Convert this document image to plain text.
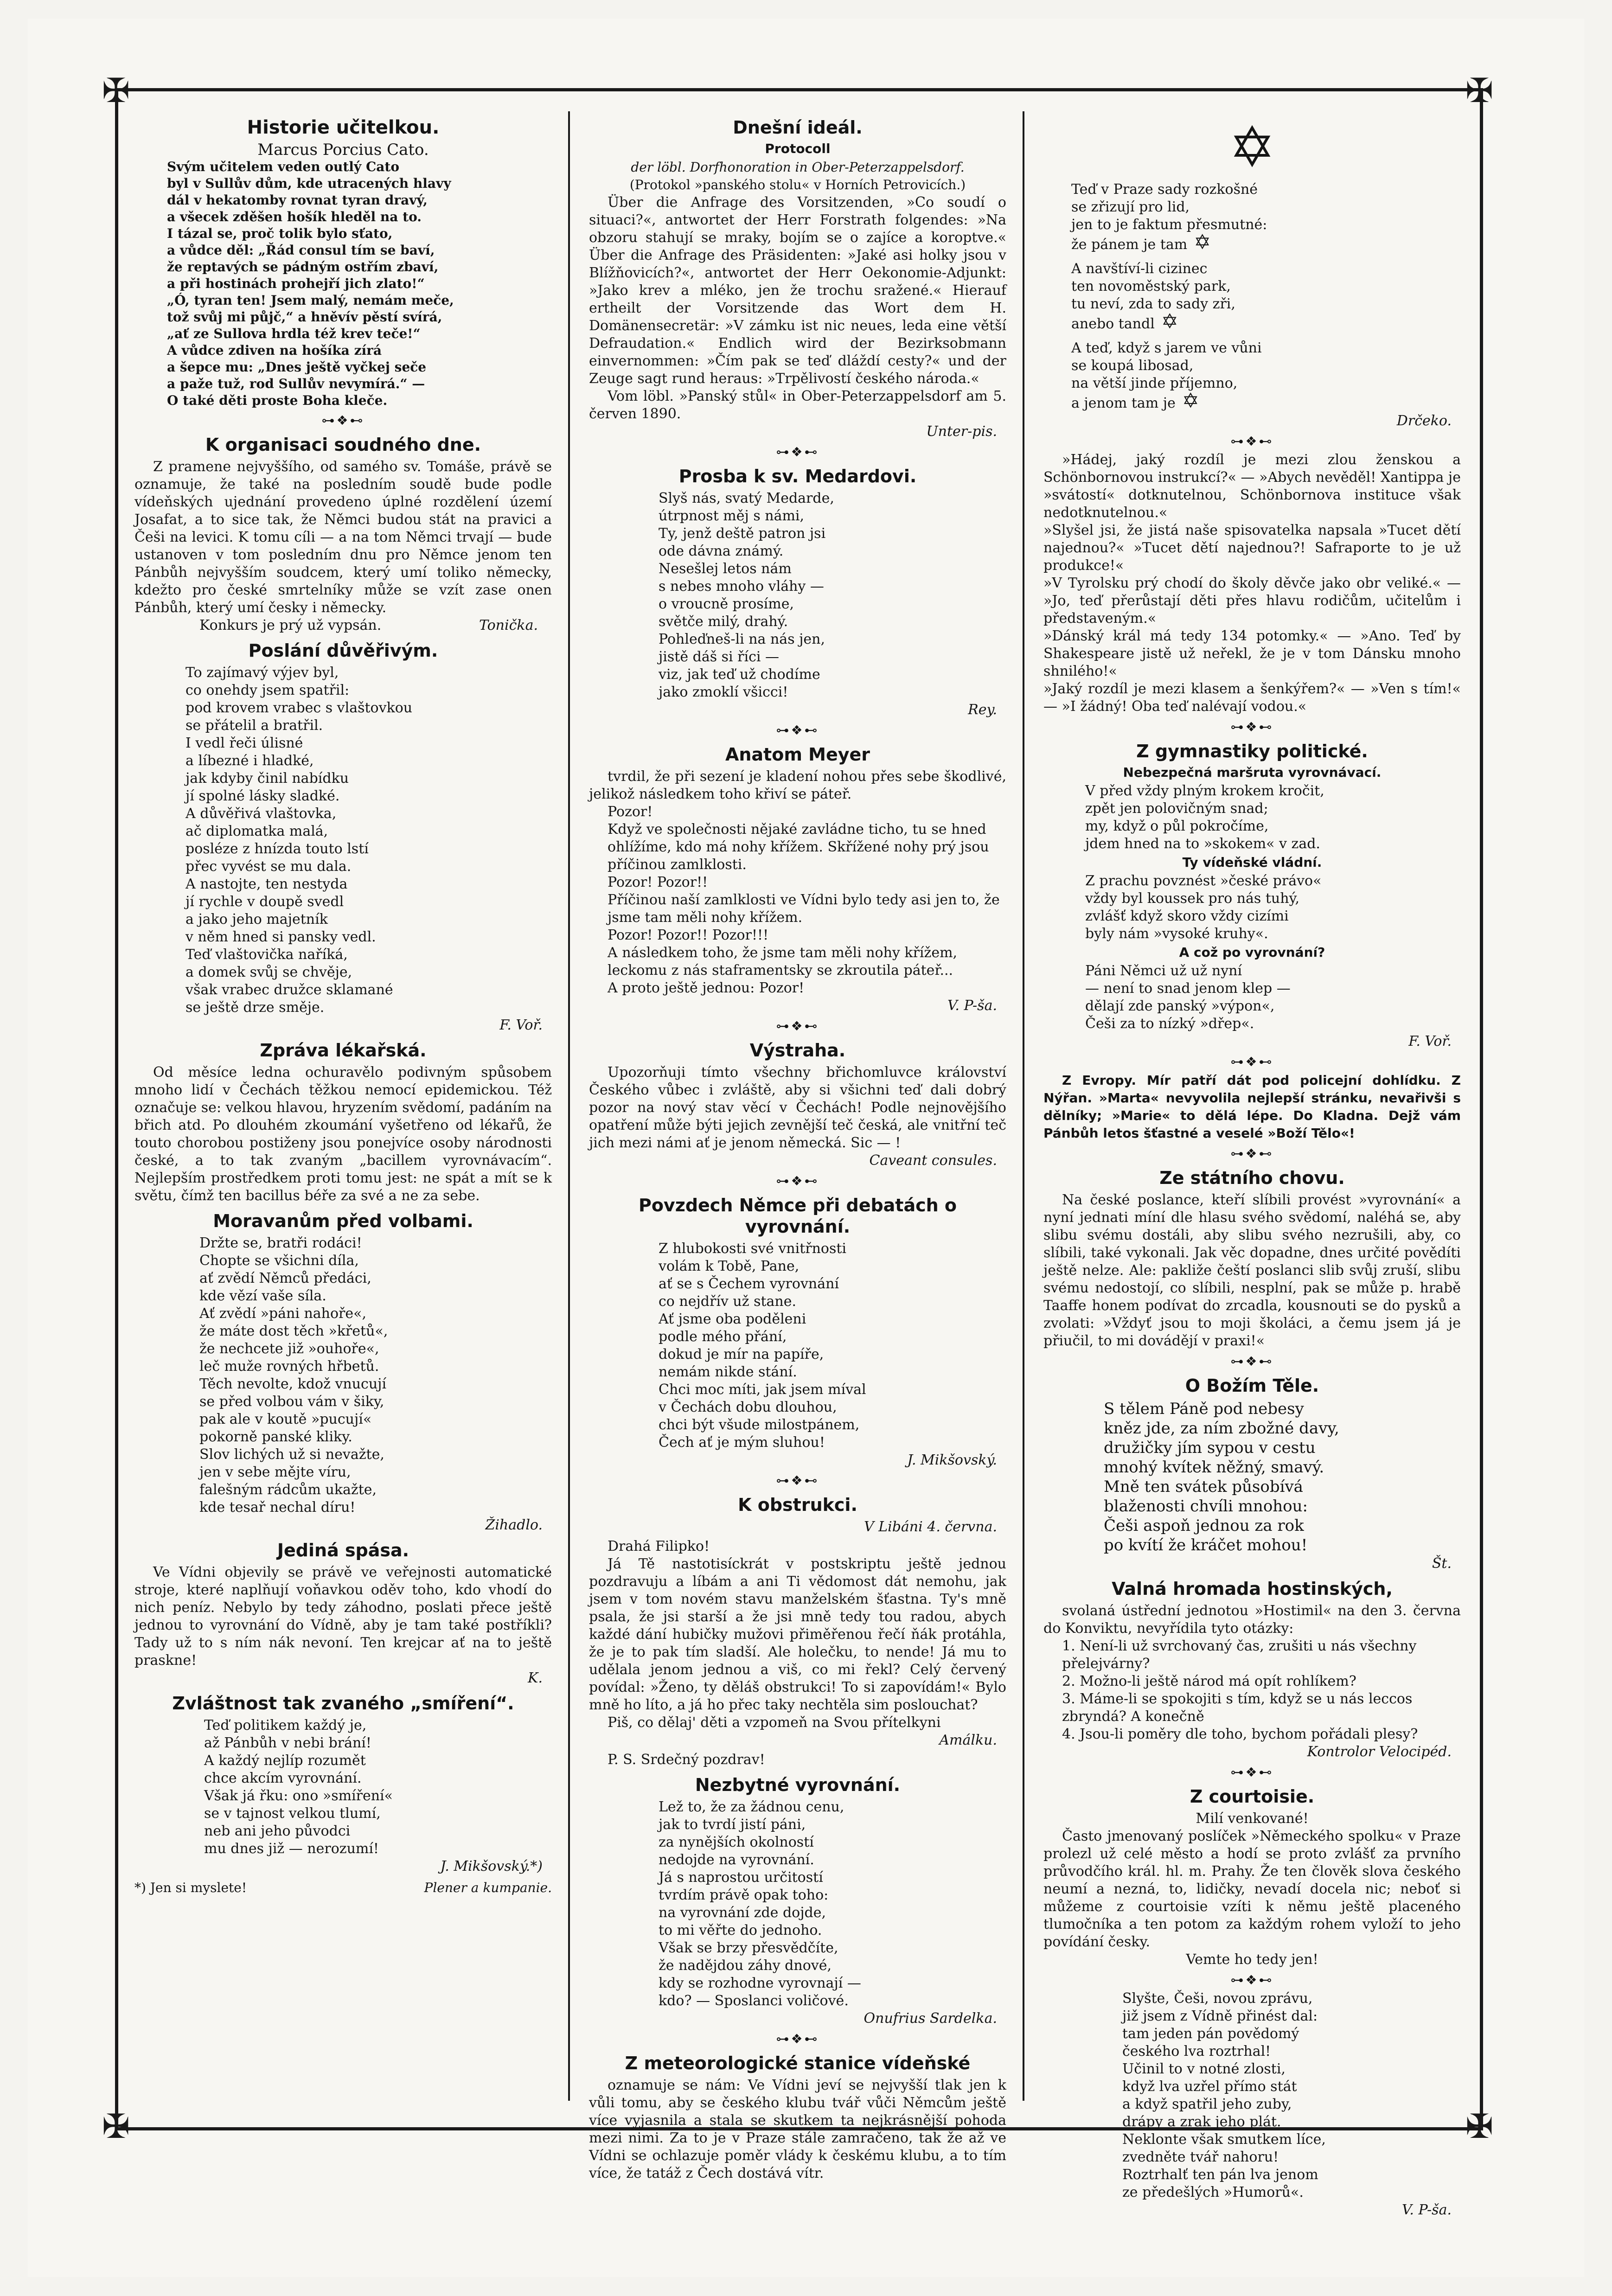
✠	✠
✠	✠
Historie učitelkou.
Marcus Porcius Cato.
Svým učitelem veden outlý Cato
byl v Sullův dům, kde utracených hlavy
dál v hekatomby rovnat tyran dravý,
a všecek zděšen hošík hleděl na to.
I tázal se, proč tolik bylo sťato,
a vůdce děl: „Řád consul tím se baví,
že reptavých se pádným ostřím zbaví,
a při hostinách prohejří jich zlato!“
„Ó, tyran ten! Jsem malý, nemám meče,
tož svůj mi půjč,“ a hněvív pěstí svírá,
„ať ze Sullova hrdla též krev teče!“
A vůdce zdiven na hošíka zírá
a šepce mu: „Dnes ještě vyčkej seče
a paže tuž, rod Sullův nevymírá.“ —
O také děti proste Boha kleče.
⊶❖⊷
K organisaci soudného dne.

Z pramene nejvyššího, od samého sv. Tomáše, právě se oznamuje, že také na posledním soudě bude podle vídeňských ujednání provedeno úplné rozdělení území Josafat, a to sice tak, že Němci budou stát na pravici a Češi na levici. K tomu cíli — a na tom Němci trvají — bude ustanoven v tom posledním dnu pro Němce jenom ten Pánbůh nejvyšším soudcem, který umí toliko německy, kdežto pro české smrtelníky může se vzít zase onen Pánbůh, který umí česky i německy.

Konkurs je prý už vypsán.	Tonička.
Poslání důvěřivým.
To zajímavý výjev byl,
co onehdy jsem spatřil:
pod krovem vrabec s vlaštovkou
se přátelil a bratřil.
I vedl řeči úlisné
a líbezné i hladké,
jak kdyby činil nabídku
jí spolné lásky sladké.
A důvěřivá vlaštovka,
ač diplomatka malá,
posléze z hnízda touto lstí
přec vyvést se mu dala.
A nastojte, ten nestyda
jí rychle v doupě svedl
a jako jeho majetník
v něm hned si pansky vedl.
Teď vlaštovička naříká,
a domek svůj se chvěje,
však vrabec družce sklamané
se ještě drze směje.
F. Voř.
Zpráva lékařská.

Od měsíce ledna ochuravělo podivným spůsobem mnoho lidí v Čechách těžkou nemocí epidemickou. Též označuje se: velkou hlavou, hryzením svědomí, padáním na břich atd. Po dlouhém zkoumání vyšetřeno od lékařů, že touto chorobou postiženy jsou ponejvíce osoby národnosti české, a to tak zvaným „bacillem vyrovnávacím“. Nejlepším prostředkem proti tomu jest: ne spát a mít se k světu, čímž ten bacillus béře za své a ne za sebe.

Moravanům před volbami.
Držte se, bratři rodáci!
Chopte se všichni díla,
ať zvědí Němců předáci,
kde vězí vaše síla.
Ať zvědí »páni nahoře«,
že máte dost těch »křetů«,
že nechcete již »ouhoře«,
leč muže rovných hřbetů.
Těch nevolte, kdož vnucují
se před volbou vám v šiky,
pak ale v koutě »pucují«
pokorně panské kliky.
Slov lichých už si nevažte,
jen v sebe mějte víru,
falešným rádcům ukažte,
kde tesař nechal díru!
Žihadlo.
Jediná spása.

Ve Vídni objevily se právě ve veřejnosti automatické stroje, které naplňují voňavkou oděv toho, kdo vhodí do nich peníz. Nebylo by tedy záhodno, poslati přece ještě jednou to vyrovnání do Vídně, aby je tam také postříkli? Tady už to s ním nák nevoní. Ten krejcar ať na to ještě praskne!

K.
Zvláštnost tak zvaného „smíření“.
Teď politikem každý je,
až Pánbůh v nebi brání!
A každý nejlíp rozumět
chce akcím vyrovnání.
Však já řku: ono »smíření«
se v tajnost velkou tlumí,
neb ani jeho původci
mu dnes již — nerozumí!
J. Mikšovský.*)
*) Jen si myslete!	Plener a kumpanie.
Dnešní ideál.
Protocoll
der löbl. Dorfhonoration in Ober-Peterzappelsdorf.
(Protokol »panského stolu« v Horních Petrovicích.)

Über die Anfrage des Vorsitzenden, »Co soudí o situaci?«, antwortet der Herr Forstrath folgendes: »Na obzoru stahují se mraky, bojím se o zajíce a koroptve.« Über die Anfrage des Präsidenten: »Jaké asi holky jsou v Blížňovicích?«, antwortet der Herr Oekonomie-Adjunkt: »Jako krev a mléko, jen že trochu sražené.« Hierauf ertheilt der Vorsitzende das Wort dem H. Domänensecretär: »V zámku ist nic neues, leda eine větší Defraudation.« Endlich wird der Bezirksobmann einvernommen: »Čím pak se teď dláždí cesty?« und der Zeuge sagt rund heraus: »Trpělivostí českého národa.«

Vom löbl. »Panský stůl« in Ober-Peterzappelsdorf am 5. červen 1890.

Unter-pis.
⊶❖⊷
Prosba k sv. Medardovi.
Slyš nás, svatý Medarde,
útrpnost měj s námi,
Ty, jenž deště patron jsi
ode dávna známý.
Nesešlej letos nám
s nebes mnoho vláhy —
o vroucně prosíme,
světče milý, drahý.
Pohleďneš-li na nás jen,
jistě dáš si říci —
viz, jak teď už chodíme
jako zmoklí všicci!
Rey.
⊶❖⊷
Anatom Meyer

tvrdil, že při sezení je kladení nohou přes sebe škodlivé, jelikož následkem toho křiví se páteř.

Pozor!
Když ve společnosti nějaké zavládne ticho, tu se hned ohlížíme, kdo má nohy křížem. Skřížené nohy prý jsou příčinou zamlklosti.
Pozor! Pozor!!
Příčinou naší zamlklosti ve Vídni bylo tedy asi jen to, že jsme tam měli nohy křížem.
Pozor! Pozor!! Pozor!!!
A následkem toho, že jsme tam měli nohy křížem, leckomu z nás staframentsky se zkroutila páteř...
A proto ještě jednou: Pozor!
V. P-ša.
⊶❖⊷
Výstraha.

Upozorňuji tímto všechny břichomluvce království Českého vůbec i zvláště, aby si všichni teď dali dobrý pozor na nový stav věcí v Čechách! Podle nejnovějšího opatření může býti jejich zevnější teč česká, ale vnitřní teč jich mezi námi ať je jenom německá. Sic — !

Caveant consules.
⊶❖⊷
Povzdech Němce při debatách o vyrovnání.
Z hlubokosti své vnitřnosti
volám k Tobě, Pane,
ať se s Čechem vyrovnání
co nejdřív už stane.
Ať jsme oba poděleni
podle mého přání,
dokud je mír na papíře,
nemám nikde stání.
Chci moc míti, jak jsem míval
v Čechách dobu dlouhou,
chci být všude milostpánem,
Čech ať je mým sluhou!
J. Mikšovský.
⊶❖⊷
K obstrukci.
V Libáni 4. června.

Drahá Filipko!

Já Tě nastotisíckrát v postskriptu ještě jednou pozdravuju a líbám a ani Ti vědomost dát nemohu, jak jsem v tom novém stavu manželském šťastna. Ty's mně psala, že jsi starší a že jsi mně tedy tou radou, abych každé dání hubičky mužovi přiměřenou řečí ňák protáhla, že je to pak tím sladší. Ale holečku, to nende! Já mu to udělala jenom jednou a viš, co mi řekl? Celý červený povídal: »Ženo, ty děláš obstrukci! To si zapovídám!« Bylo mně ho líto, a já ho přec taky nechtěla sim poslouchat?

Piš, co dělaj' děti a vzpomeň na Svou přítelkyni

Amálku.

P. S. Srdečný pozdrav!

Nezbytné vyrovnání.
Lež to, že za žádnou cenu,
jak to tvrdí jistí páni,
za nynějších okolností
nedojde na vyrovnání.
Já s naprostou určitostí
tvrdím právě opak toho:
na vyrovnání zde dojde,
to mi věřte do jednoho.
Však se brzy přesvědčíte,
že nadějdou záhy dnové,
kdy se rozhodne vyrovnají —
kdo? — Sposlanci voličové.
Onufrius Sardelka.
⊶❖⊷
Z meteorologické stanice vídeňské

oznamuje se nám: Ve Vídni jeví se nejvyšší tlak jen k vůli tomu, aby se českého klubu tvář vůči Němcům ještě více vyjasnila a stala se skutkem ta nejkrásnější pohoda mezi nimi. Za to je v Praze stále zamračeno, tak že až ve Vídni se ochlazuje poměr vlády k českému klubu, a to tím více, že tatáž z Čech dostává vítr.

✡
Teď v Praze sady rozkošné
se zřizují pro lid,
jen to je faktum přesmutné:
že pánem je tam ✡
A navštíví-li cizinec
ten novoměstský park,
tu neví, zda to sady zři,
anebo tandl ✡
A teď, když s jarem ve vůni
se koupá libosad,
na větší jinde příjemno,
a jenom tam je ✡
Drčeko.
⊶❖⊷
»Hádej, jaký rozdíl je mezi zlou ženskou a Schönbornovou instrukcí?« — »Abych nevěděl! Xantippa je »svátostí« dotknutelnou, Schönbornova instituce však nedotknutelnou.«
»Slyšel jsi, že jistá naše spisovatelka napsala »Tucet dětí najednou?« »Tucet dětí najednou?! Safraporte to je už produkce!«
»V Tyrolsku prý chodí do školy děvče jako obr veliké.« — »Jo, teď přerůstají děti přes hlavu rodičům, učitelům i představeným.«
»Dánský král má tedy 134 potomky.« — »Ano. Teď by Shakespeare jistě už neřekl, že je v tom Dánsku mnoho shnilého!«
»Jaký rozdíl je mezi klasem a šenkýřem?« — »Ven s tím!« — »I žádný! Oba teď nalévají vodou.«
⊶❖⊷
Z gymnastiky politické.
Nebezpečná maršruta vyrovnávací.
V před vždy plným krokem kročit,
zpět jen polovičným snad;
my, když o půl pokročíme,
jdem hned na to »skokem« v zad.
Ty vídeňské vládní.
Z prachu povznést »české právo«
vždy byl koussek pro nás tuhý,
zvlášť když skoro vždy cizími
byly nám »vysoké kruhy«.
A což po vyrovnání?
Páni Němci už už nyní
— není to snad jenom klep —
dělají zde panský »výpon«,
Češi za to nízký »dřep«.
F. Voř.
⊶❖⊷

Z Evropy. Mír patří dát pod policejní dohlídku. Z Nýřan. »Marta« nevyvolila nejlepší stránku, nevařivši s dělníky; »Marie« to dělá lépe. Do Kladna. Dejž vám Pánbůh letos šťastné a veselé »Boží Tělo«!

⊶❖⊷
Ze státního chovu.

Na české poslance, kteří slíbili provést »vyrovnání« a nyní jednati míní dle hlasu svého svědomí, naléhá se, aby slibu svému dostáli, aby slibu svého nezrušili, aby, co slíbili, také vykonali. Jak věc dopadne, dnes určité povědíti ještě nelze. Ale: pakliže čeští poslanci slib svůj zruší, slibu svému nedostojí, co slíbili, nesplní, pak se může p. hrabě Taaffe honem podívat do zrcadla, kousnouti se do pysků a zvolati: »Vždyť jsou to moji školáci, a čemu jsem já je přiučil, to mi dovádějí v praxi!«

⊶❖⊷
O Božím Těle.
S tělem Páně pod nebesy
kněz jde, za ním zbožné davy,
družičky jím sypou v cestu
mnohý kvítek něžný, smavý.
Mně ten svátek působívá
blaženosti chvíli mnohou:
Češi aspoň jednou za rok
po kvítí že kráčet mohou!
Št.
Valná hromada hostinských,

svolaná ústřední jednotou »Hostimil« na den 3. června do Konviktu, nevyřídila tyto otázky:

1. Není-li už svrchovaný čas, zrušiti u nás všechny přelejvárny?
2. Možno-li ještě národ má opít rohlíkem?
3. Máme-li se spokojiti s tím, když se u nás leccos zbryndá? A konečně
4. Jsou-li poměry dle toho, bychom pořádali plesy?
Kontrolor Velocipéd.
⊶❖⊷
Z courtoisie.
Milí venkované!

Často jmenovaný poslíček »Německého spolku« v Praze prolezl už celé město a hodí se proto zvlášť za prvního průvodčího král. hl. m. Prahy. Že ten člověk slova českého neumí a nezná, to, lidičky, nevadí docela nic; neboť si můžeme z courtoisie vzíti k němu ještě placeného tlumočníka a ten potom za každým rohem vyloží to jeho povídání česky.

Vemte ho tedy jen!
⊶❖⊷
Slyšte, Češi, novou zprávu,
již jsem z Vídně přinést dal:
tam jeden pán povědomý
českého lva roztrhal!
Učinil to v notné zlosti,
když lva uzřel přímo stát
a když spatřil jeho zuby,
drápy a zrak jeho plát.
Neklonte však smutkem líce,
zvedněte tvář nahoru!
Roztrhalť ten pán lva jenom
ze předešlých »Humorů«.
V. P-ša.
